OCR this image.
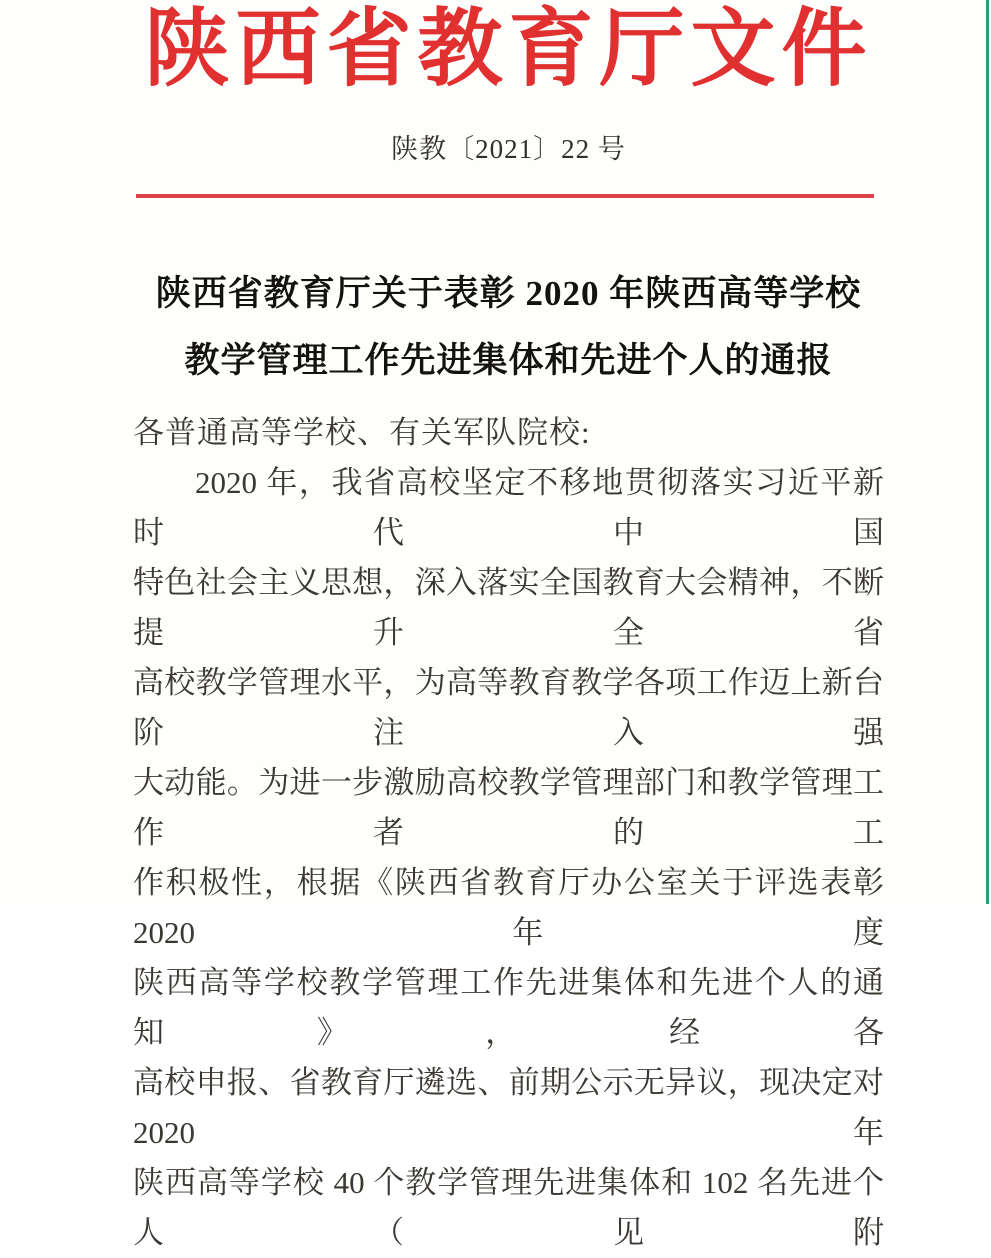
陕西省教育厅文件
陕教〔2021〕22 号
陕西省教育厅关于表彰 2020 年陕西高等学校
教学管理工作先进集体和先进个人的通报
各普通高等学校、有关军队院校:
2020 年，我省高校坚定不移地贯彻落实习近平新时代中国
特色社会主义思想，深入落实全国教育大会精神，不断提升全省
高校教学管理水平，为高等教育教学各项工作迈上新台阶注入强
大动能。为进一步激励高校教学管理部门和教学管理工作者的工
作积极性，根据《陕西省教育厅办公室关于评选表彰 2020 年度
陕西高等学校教学管理工作先进集体和先进个人的通知》，经各
高校申报、省教育厅遴选、前期公示无异议，现决定对 2020 年
陕西高等学校 40 个教学管理先进集体和 102 名先进个人（见附
